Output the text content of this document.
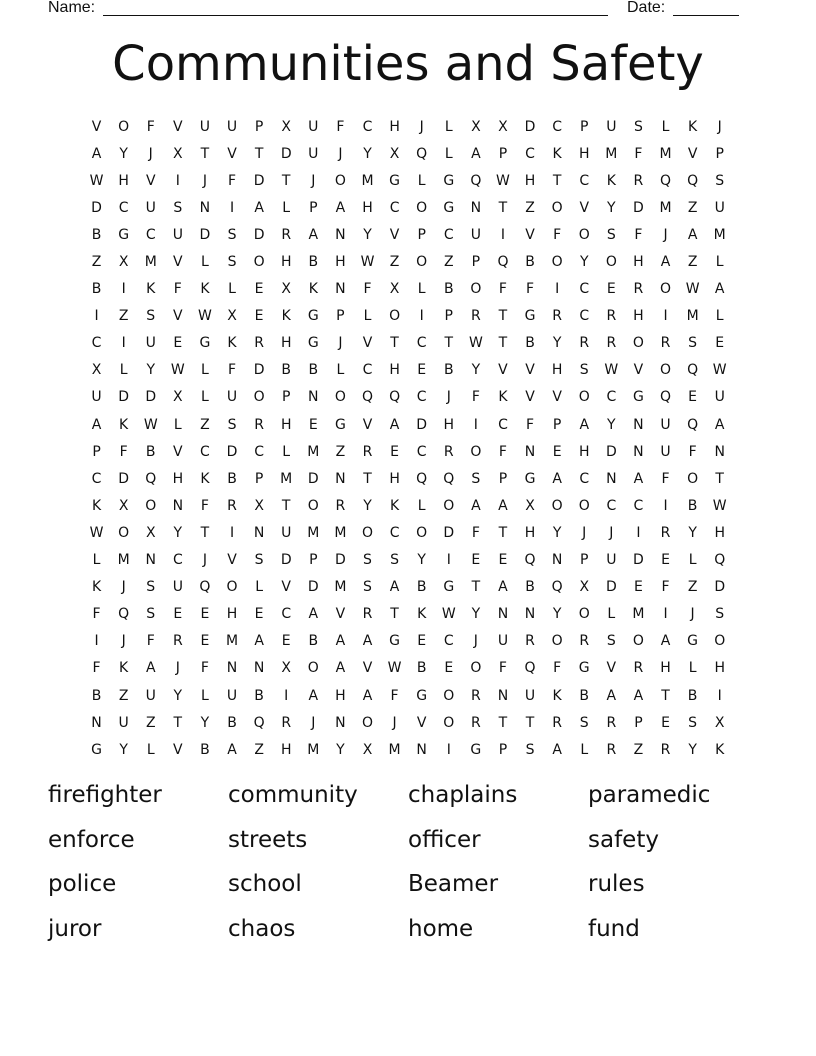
Name:	Date:
Communities and Safety
V	O	F	V	U	U	P	X	U	F	C	H	J	L	X	X	D	C	P	U	S	L	K	J
A	Y	J	X	T	V	T	D	U	J	Y	X	Q	L	A	P	C	K	H	M	F	M	V	P
W	H	V	I	J	F	D	T	J	O	M	G	L	G	Q	W	H	T	C	K	R	Q	Q	S
D	C	U	S	N	I	A	L	P	A	H	C	O	G	N	T	Z	O	V	Y	D	M	Z	U
B	G	C	U	D	S	D	R	A	N	Y	V	P	C	U	I	V	F	O	S	F	J	A	M
Z	X	M	V	L	S	O	H	B	H	W	Z	O	Z	P	Q	B	O	Y	O	H	A	Z	L
B	I	K	F	K	L	E	X	K	N	F	X	L	B	O	F	F	I	C	E	R	O	W	A
I	Z	S	V	W	X	E	K	G	P	L	O	I	P	R	T	G	R	C	R	H	I	M	L
C	I	U	E	G	K	R	H	G	J	V	T	C	T	W	T	B	Y	R	R	O	R	S	E
X	L	Y	W	L	F	D	B	B	L	C	H	E	B	Y	V	V	H	S	W	V	O	Q	W
U	D	D	X	L	U	O	P	N	O	Q	Q	C	J	F	K	V	V	O	C	G	Q	E	U
A	K	W	L	Z	S	R	H	E	G	V	A	D	H	I	C	F	P	A	Y	N	U	Q	A
P	F	B	V	C	D	C	L	M	Z	R	E	C	R	O	F	N	E	H	D	N	U	F	N
C	D	Q	H	K	B	P	M	D	N	T	H	Q	Q	S	P	G	A	C	N	A	F	O	T
K	X	O	N	F	R	X	T	O	R	Y	K	L	O	A	A	X	O	O	C	C	I	B	W
W	O	X	Y	T	I	N	U	M	M	O	C	O	D	F	T	H	Y	J	J	I	R	Y	H
L	M	N	C	J	V	S	D	P	D	S	S	Y	I	E	E	Q	N	P	U	D	E	L	Q
K	J	S	U	Q	O	L	V	D	M	S	A	B	G	T	A	B	Q	X	D	E	F	Z	D
F	Q	S	E	E	H	E	C	A	V	R	T	K	W	Y	N	N	Y	O	L	M	I	J	S
I	J	F	R	E	M	A	E	B	A	A	G	E	C	J	U	R	O	R	S	O	A	G	O
F	K	A	J	F	N	N	X	O	A	V	W	B	E	O	F	Q	F	G	V	R	H	L	H
B	Z	U	Y	L	U	B	I	A	H	A	F	G	O	R	N	U	K	B	A	A	T	B	I
N	U	Z	T	Y	B	Q	R	J	N	O	J	V	O	R	T	T	R	S	R	P	E	S	X
G	Y	L	V	B	A	Z	H	M	Y	X	M	N	I	G	P	S	A	L	R	Z	R	Y	K
firefighter	community	chaplains	paramedic
enforce	streets	officer	safety
police	school	Beamer	rules
juror	chaos	home	fund
